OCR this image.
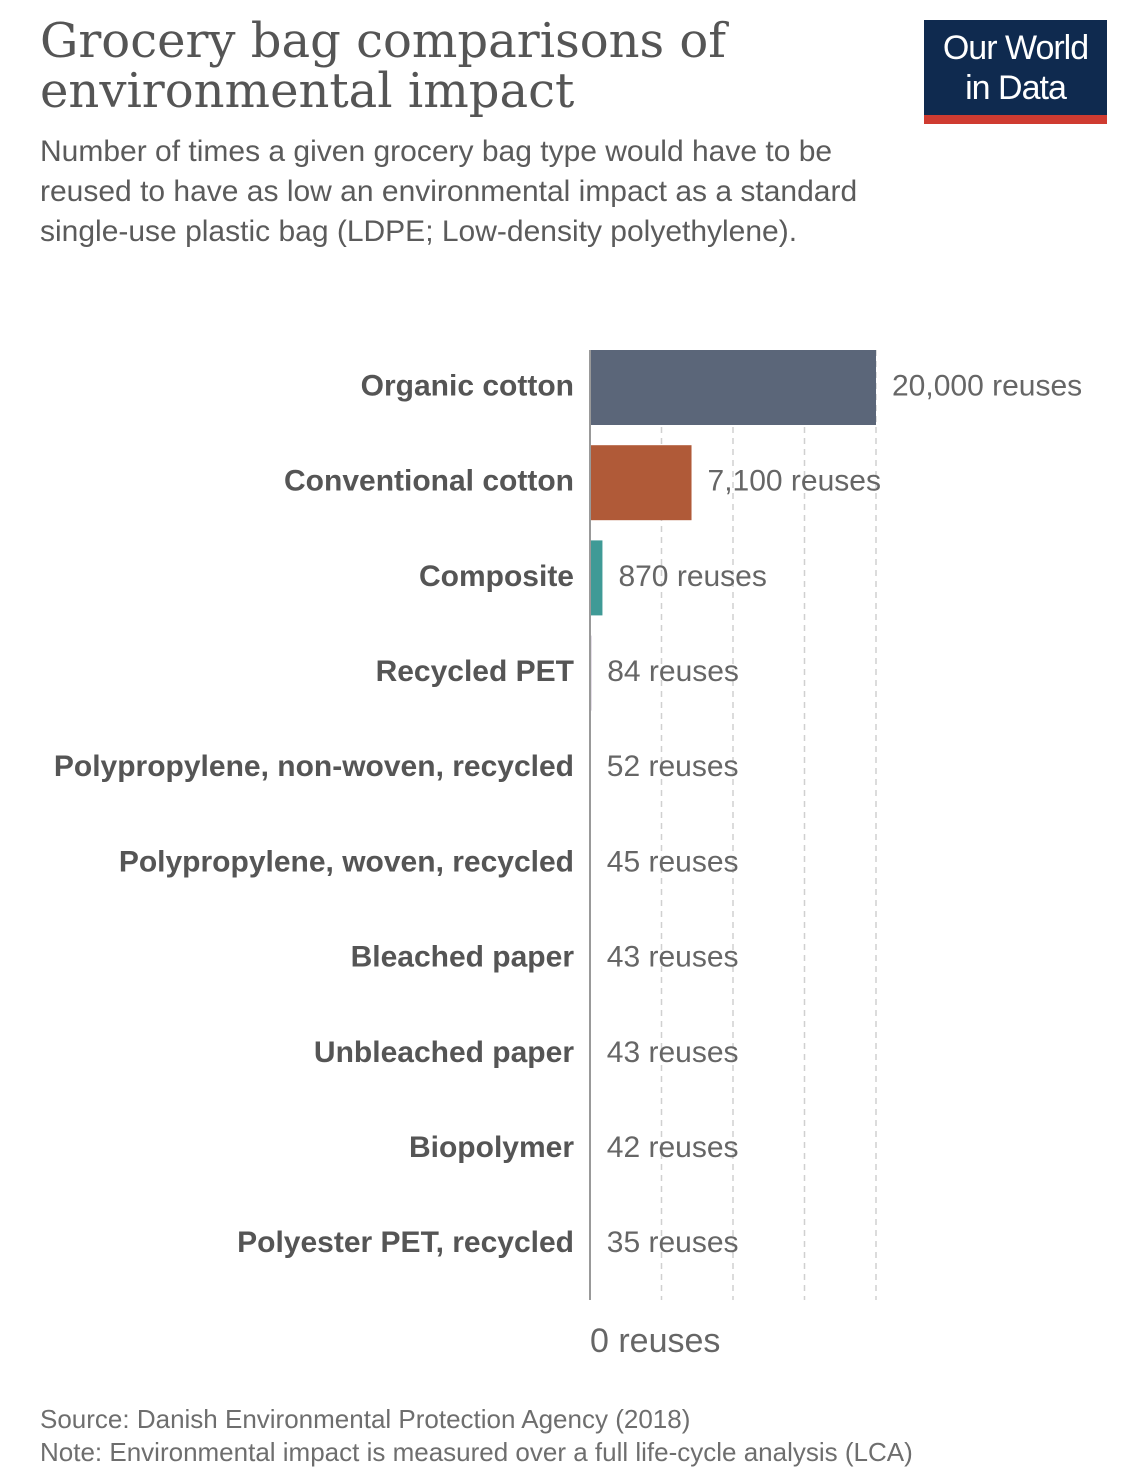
Grocery bag comparisons of environmental impact

Number of times a given grocery bag type would have to be reused to have as low an environmental impact as a standard single-use plastic bag (LDPE; Low-density polyethylene).

Our World
in Data
Organic cotton	20,000 reuses
Conventional cotton	7,100 reuses
Composite 870 reuses
Recycled PET 84 reuses
Polypropylene, non-woven, recycled 52 reuses
Polypropylene, woven, recycled 45 reuses
Bleached paper 43 reuses
Unbleached paper 43 reuses
Biopolymer 42 reuses
Polyester PET, recycled 35 reuses
0 reuses

Source: Danish Environmental Protection Agency (2018)

Note: Environmental impact is measured over a full life-cycle analysis (LCA)
